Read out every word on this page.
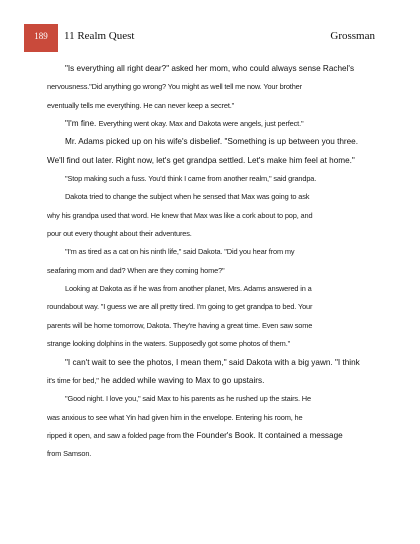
189	11 Realm Quest	Grossman
"Is everything all right dear?" asked her mom, who could always sense Rachel's
nervousness."Did anything go wrong? You might as well tell me now. Your brother
eventually tells me everything. He can never keep a secret."
"I'm fine. Everything went okay. Max and Dakota were angels, just perfect."
Mr. Adams picked up on his wife's disbelief. "Something is up between you three.
We'll find out later. Right now, let's get grandpa settled. Let's make him feel at home."
"Stop making such a fuss. You'd think I came from another realm," said grandpa.
Dakota tried to change the subject when he sensed that Max was going to ask
why his grandpa used that word. He knew that Max was like a cork about to pop, and
pour out every thought about their adventures.
"I'm as tired as a cat on his ninth life," said Dakota. "Did you hear from my
seafaring mom and dad? When are they coming home?"
Looking at Dakota as if he was from another planet, Mrs. Adams answered in a
roundabout way. "I guess we are all pretty tired. I'm going to get grandpa to bed. Your
parents will be home tomorrow, Dakota. They're having a great time. Even saw some
strange looking dolphins in the waters. Supposedly got some photos of them."
"I can't wait to see the photos, I mean them," said Dakota with a big yawn. "I think
it's time for bed," he added while waving to Max to go upstairs.
"Good night. I love you," said Max to his parents as he rushed up the stairs. He
was anxious to see what Yin had given him in the envelope. Entering his room, he
ripped it open, and saw a folded page from the Founder's Book. It contained a message
from Samson.
